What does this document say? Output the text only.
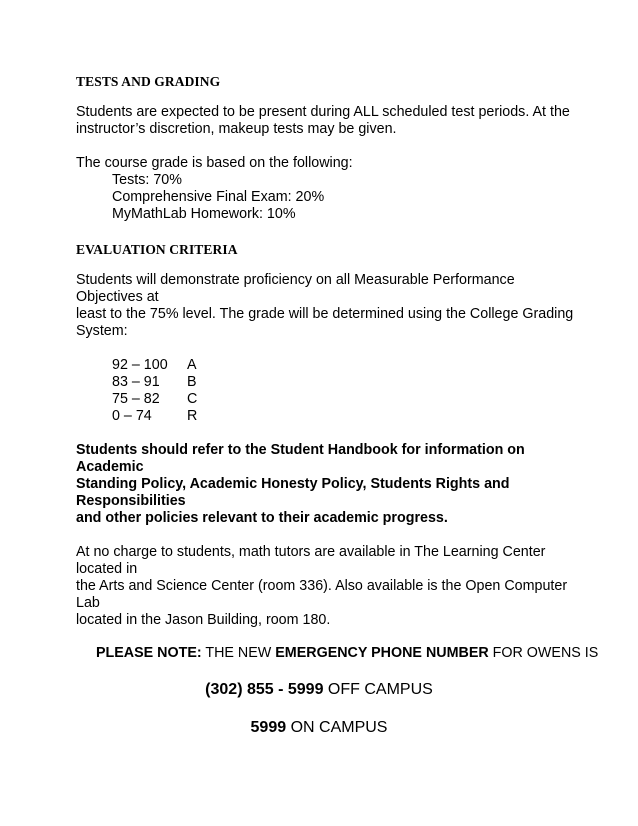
TESTS AND GRADING

Students are expected to be present during ALL scheduled test periods. At the

instructor’s discretion, makeup tests may be given.

The course grade is based on the following:

Tests: 70%

Comprehensive Final Exam: 20%

MyMathLab Homework: 10%

EVALUATION CRITERIA

Students will demonstrate proficiency on all Measurable Performance Objectives at

least to the 75% level. The grade will be determined using the College Grading System:

92 – 100	A
83 – 91	B
75 – 82	C
0 – 74	R

Students should refer to the Student Handbook for information on Academic

Standing Policy, Academic Honesty Policy, Students Rights and Responsibilities

and other policies relevant to their academic progress.

At no charge to students, math tutors are available in The Learning Center located in

the Arts and Science Center (room 336). Also available is the Open Computer Lab

located in the Jason Building, room 180.

PLEASE NOTE: THE NEW EMERGENCY PHONE NUMBER FOR OWENS IS

(302) 855 - 5999 OFF CAMPUS

5999 ON CAMPUS
